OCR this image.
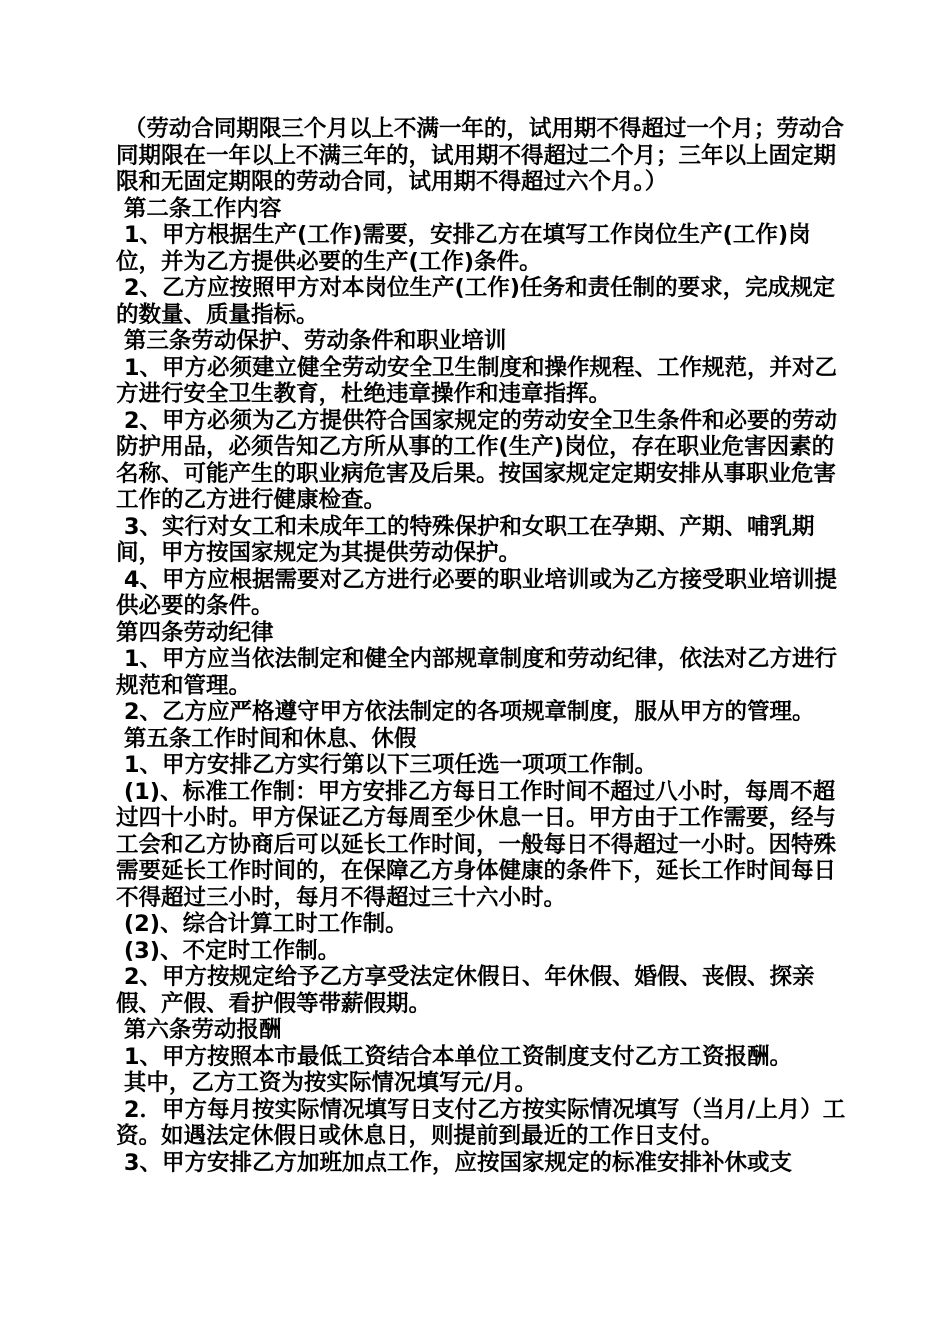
（劳动合同期限三个月以上不满一年的，试用期不得超过一个月；劳动合同期限在一年以上不满三年的，试用期不得超过二个月；三年以上固定期限和无固定期限的劳动合同，试用期不得超过六个月。）

第二条工作内容

1、甲方根据生产(工作)需要，安排乙方在填写工作岗位生产(工作)岗位，并为乙方提供必要的生产(工作)条件。

2、乙方应按照甲方对本岗位生产(工作)任务和责任制的要求，完成规定的数量、质量指标。

第三条劳动保护、劳动条件和职业培训

1、甲方必须建立健全劳动安全卫生制度和操作规程、工作规范，并对乙方进行安全卫生教育，杜绝违章操作和违章指挥。

2、甲方必须为乙方提供符合国家规定的劳动安全卫生条件和必要的劳动防护用品，必须告知乙方所从事的工作(生产)岗位，存在职业危害因素的名称、可能产生的职业病危害及后果。按国家规定定期安排从事职业危害工作的乙方进行健康检查。

3、实行对女工和未成年工的特殊保护和女职工在孕期、产期、哺乳期间，甲方按国家规定为其提供劳动保护。

4、甲方应根据需要对乙方进行必要的职业培训或为乙方接受职业培训提供必要的条件。

第四条劳动纪律

1、甲方应当依法制定和健全内部规章制度和劳动纪律，依法对乙方进行规范和管理。

2、乙方应严格遵守甲方依法制定的各项规章制度，服从甲方的管理。

第五条工作时间和休息、休假

1、甲方安排乙方实行第以下三项任选一项项工作制。

(1)、标准工作制：甲方安排乙方每日工作时间不超过八小时，每周不超过四十小时。甲方保证乙方每周至少休息一日。甲方由于工作需要，经与工会和乙方协商后可以延长工作时间，一般每日不得超过一小时。因特殊需要延长工作时间的，在保障乙方身体健康的条件下，延长工作时间每日不得超过三小时，每月不得超过三十六小时。

(2)、综合计算工时工作制。

(3)、不定时工作制。

2、甲方按规定给予乙方享受法定休假日、年休假、婚假、丧假、探亲假、产假、看护假等带薪假期。

第六条劳动报酬

1、甲方按照本市最低工资结合本单位工资制度支付乙方工资报酬。

其中，乙方工资为按实际情况填写元/月。

2．甲方每月按实际情况填写日支付乙方按实际情况填写（当月/上月）工资。如遇法定休假日或休息日，则提前到最近的工作日支付。

3、甲方安排乙方加班加点工作，应按国家规定的标准安排补休或支
